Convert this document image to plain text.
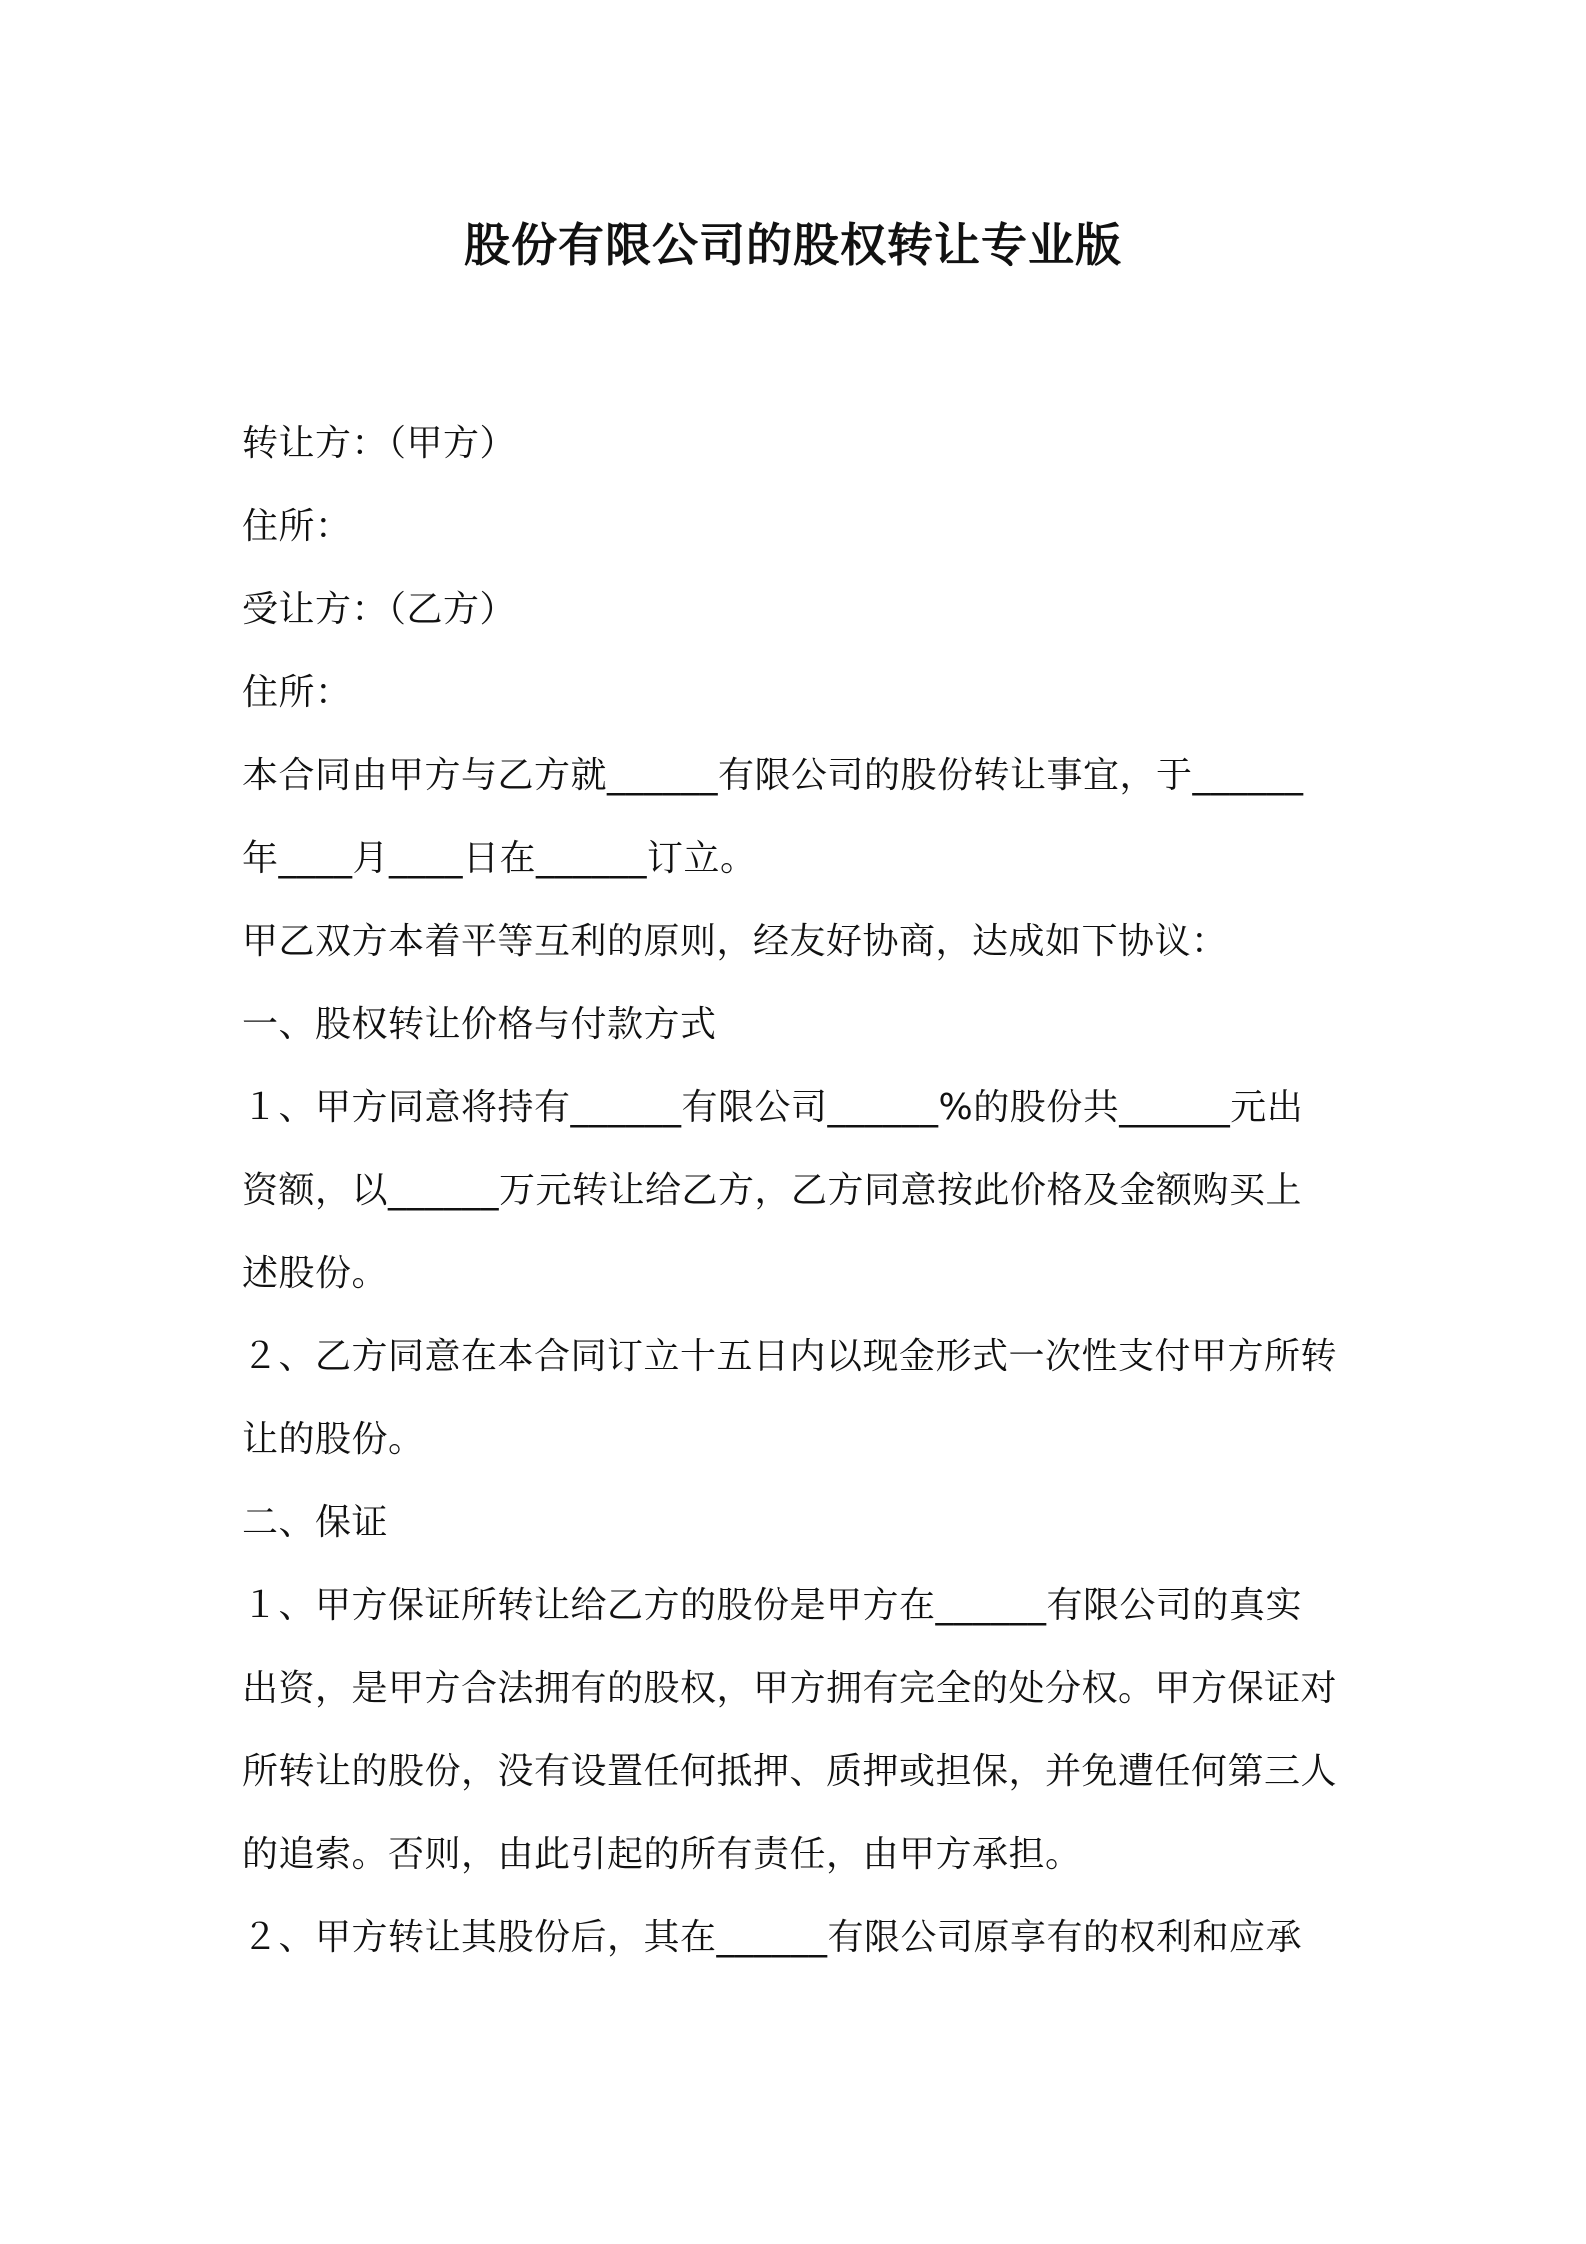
股份有限公司的股权转让专业版
转让方：（甲方）
住所：
受让方：（乙方）
住所：
本合同由甲方与乙方就______有限公司的股份转让事宜，于______
年____月____日在______订立。
甲乙双方本着平等互利的原则，经友好协商，达成如下协议：
一、股权转让价格与付款方式
１、甲方同意将持有______有限公司______%的股份共______元出
资额，以______万元转让给乙方，乙方同意按此价格及金额购买上
述股份。
２、乙方同意在本合同订立十五日内以现金形式一次性支付甲方所转
让的股份。
二、保证
１、甲方保证所转让给乙方的股份是甲方在______有限公司的真实
出资，是甲方合法拥有的股权，甲方拥有完全的处分权。甲方保证对
所转让的股份，没有设置任何抵押、质押或担保，并免遭任何第三人
的追索。否则，由此引起的所有责任，由甲方承担。
２、甲方转让其股份后，其在______有限公司原享有的权利和应承
